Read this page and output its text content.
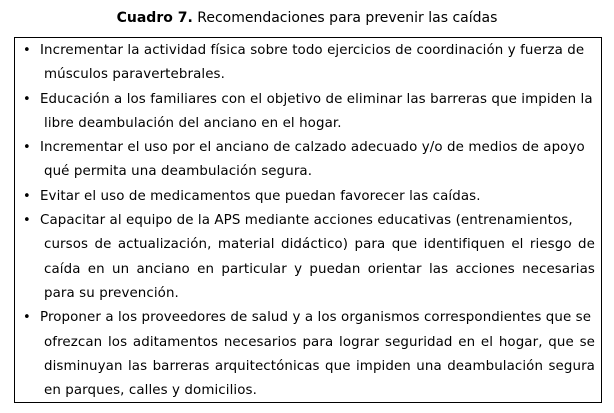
Cuadro 7. Recomendaciones para prevenir las caídas
• Incrementar la actividad física sobre todo ejercicios de coordinación y fuerza de
músculos paravertebrales.
• Educación a los familiares con el objetivo de eliminar las barreras que impiden la
libre deambulación del anciano en el hogar.
• Incrementar el uso por el anciano de calzado adecuado y/o de medios de apoyo
qué permita una deambulación segura.
• Evitar el uso de medicamentos que puedan favorecer las caídas.
• Capacitar al equipo de la APS mediante acciones educativas (entrenamientos,
cursos de actualización, material didáctico) para que identifiquen el riesgo de caída en un anciano en particular y puedan orientar las acciones necesarias para su prevención.
• Proponer a los proveedores de salud y a los organismos correspondientes que se
ofrezcan los aditamentos necesarios para lograr seguridad en el hogar, que se disminuyan las barreras arquitectónicas que impiden una deambulación segura en parques, calles y domicilios.
